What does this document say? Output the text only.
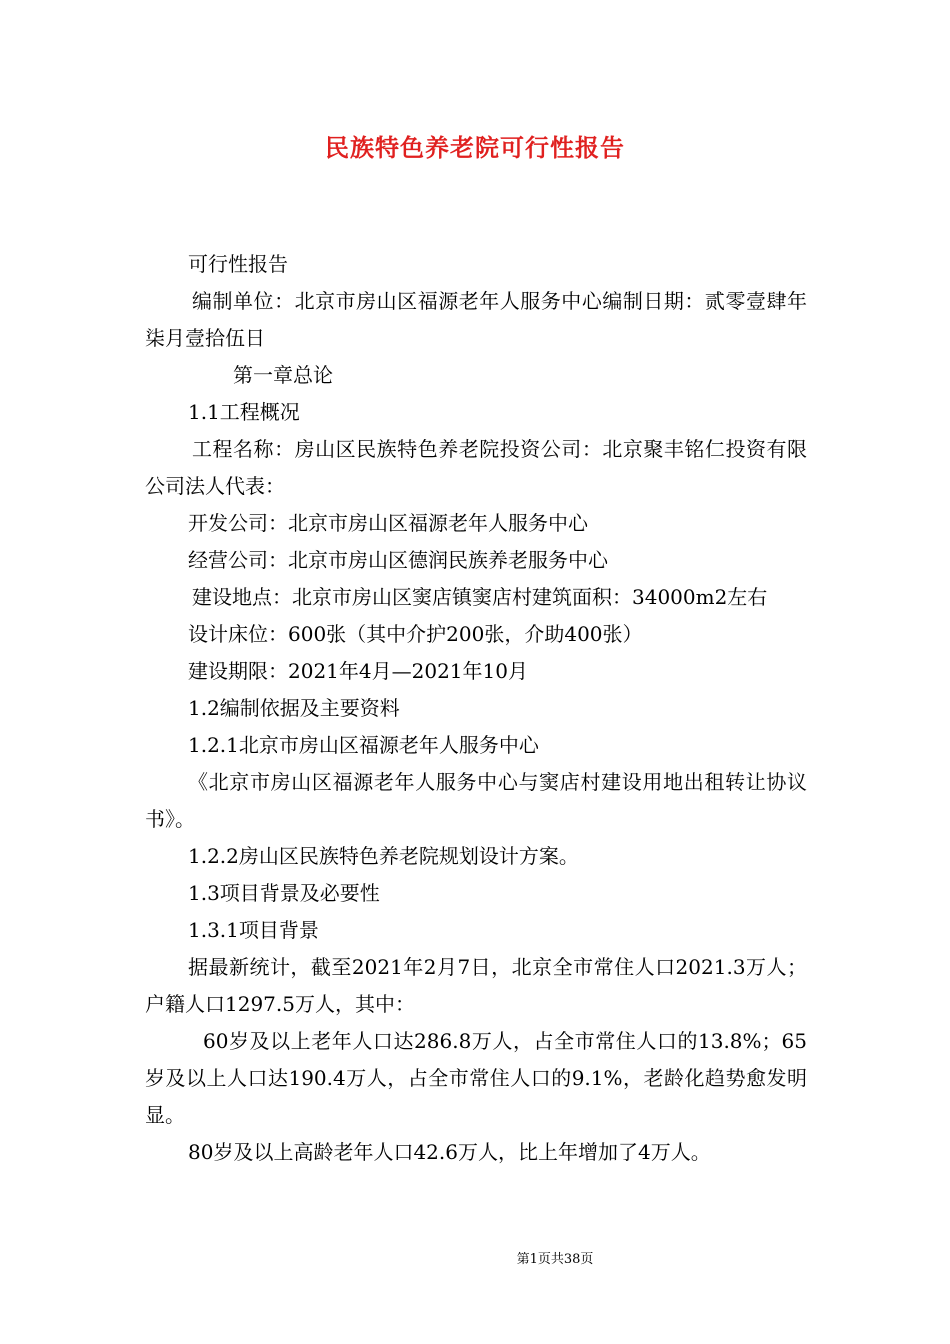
民族特色养老院可行性报告

可行性报告

编制单位：北京市房山区福源老年人服务中心编制日期：贰零壹肆年柒月壹拾伍日

第一章总论

1.1工程概况

工程名称：房山区民族特色养老院投资公司：北京聚丰铭仁投资有限公司法人代表：

开发公司：北京市房山区福源老年人服务中心

经营公司：北京市房山区德润民族养老服务中心

建设地点：北京市房山区窦店镇窦店村建筑面积：34000m2左右

设计床位：600张（其中介护200张，介助400张）

建设期限：2021年4月—2021年10月

1.2编制依据及主要资料

1.2.1北京市房山区福源老年人服务中心

《北京市房山区福源老年人服务中心与窦店村建设用地出租转让协议书》。

1.2.2房山区民族特色养老院规划设计方案。

1.3项目背景及必要性

1.3.1项目背景

据最新统计，截至2021年2月7日，北京全市常住人口2021.3万人；户籍人口1297.5万人，其中：

60岁及以上老年人口达286.8万人，占全市常住人口的13.8%；65岁及以上人口达190.4万人，占全市常住人口的9.1%，老龄化趋势愈发明显。

80岁及以上高龄老年人口42.6万人，比上年增加了4万人。

第1页共38页
